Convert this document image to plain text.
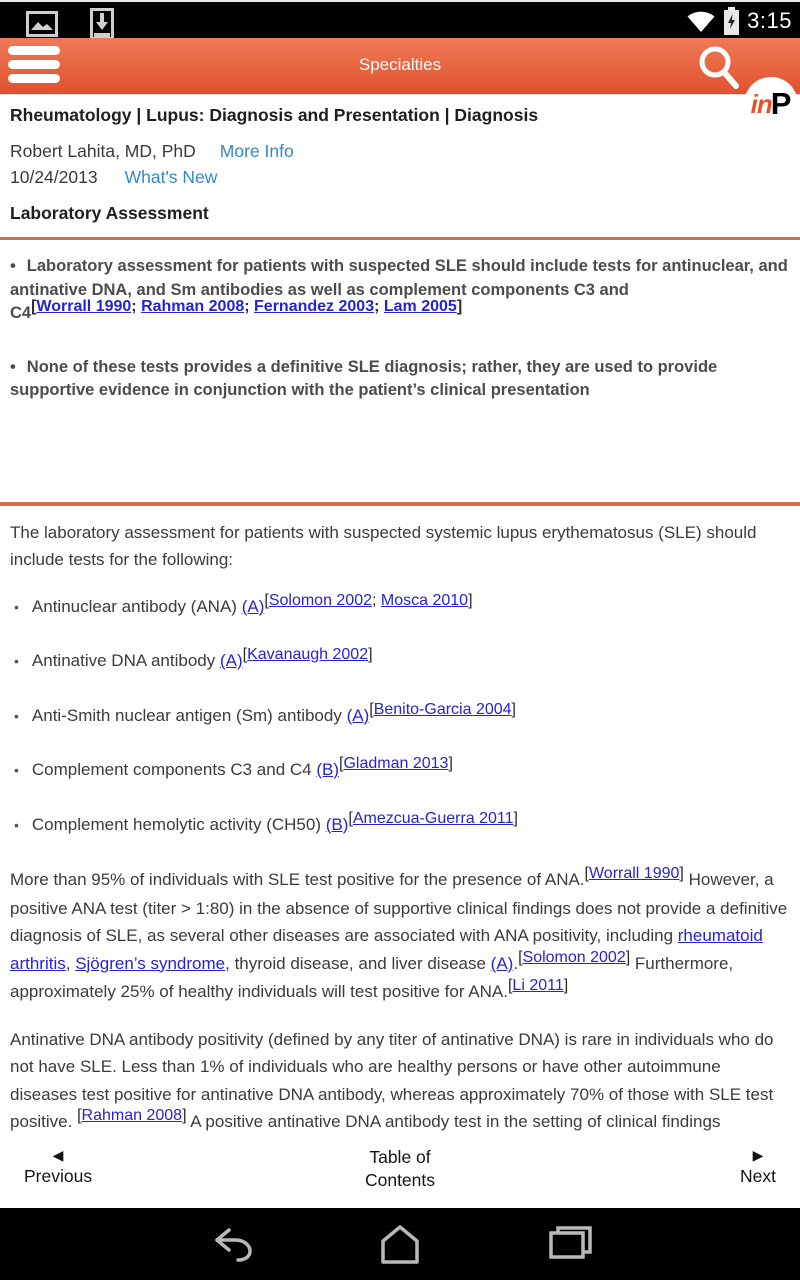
3:15
Specialties
in P
Rheumatology | Lupus: Diagnosis and Presentation | Diagnosis
Robert Lahita, MD, PhD More Info
10/24/2013 What's New
Laboratory Assessment
• Laboratory assessment for patients with suspected SLE should include tests for antinuclear, and antinative DNA, and Sm antibodies as well as complement components C3 and C4[Worrall 1990; Rahman 2008; Fernandez 2003; Lam 2005]
• None of these tests provides a definitive SLE diagnosis; rather, they are used to provide supportive evidence in conjunction with the patient’s clinical presentation

The laboratory assessment for patients with suspected systemic lupus erythematosus (SLE) should include tests for the following:

• Antinuclear antibody (ANA) (A)[Solomon 2002; Mosca 2010]
• Antinative DNA antibody (A)[Kavanaugh 2002]
• Anti-Smith nuclear antigen (Sm) antibody (A)[Benito-Garcia 2004]
• Complement components C3 and C4 (B)[Gladman 2013]
• Complement hemolytic activity (CH50) (B)[Amezcua-Guerra 2011]

More than 95% of individuals with SLE test positive for the presence of ANA.[Worrall 1990] However, a positive ANA test (titer > 1:80) in the absence of supportive clinical findings does not provide a definitive diagnosis of SLE, as several other diseases are associated with ANA positivity, including rheumatoid arthritis, Sjögren’s syndrome, thyroid disease, and liver disease (A).[Solomon 2002] Furthermore, approximately 25% of healthy individuals will test positive for ANA.[Li 2011]

Antinative DNA antibody positivity (defined by any titer of antinative DNA) is rare in individuals who do not have SLE. Less than 1% of individuals who are healthy persons or have other autoimmune diseases test positive for antinative DNA antibody, whereas approximately 70% of those with SLE test positive. [Rahman 2008] A positive antinative DNA antibody test in the setting of clinical findings

◀
Previous
Table of
Contents
▶
Next
